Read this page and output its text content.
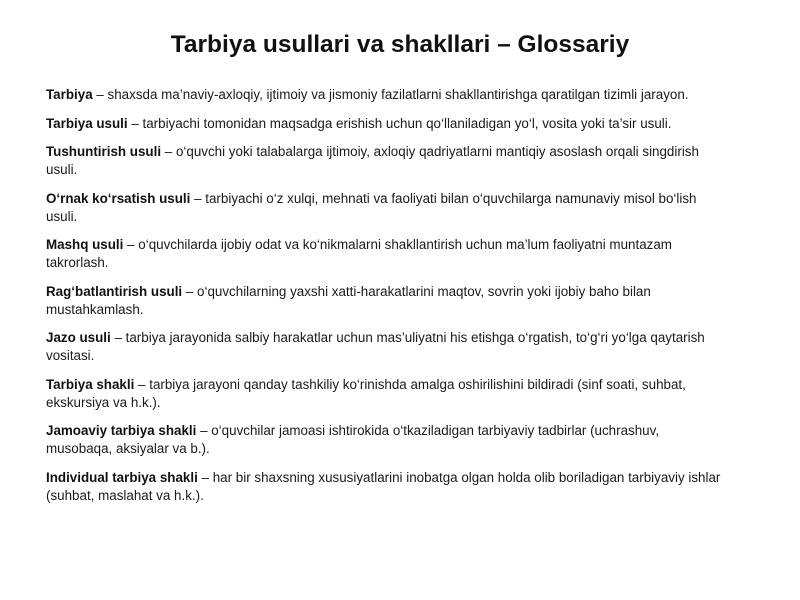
Tarbiya usullari va shakllari – Glossariy
Tarbiya – shaxsda ma’naviy-axloqiy, ijtimoiy va jismoniy fazilatlarni shakllantirishga qaratilgan tizimli jarayon.
Tarbiya usuli – tarbiyachi tomonidan maqsadga erishish uchun qo‘llaniladigan yo‘l, vosita yoki ta’sir usuli.
Tushuntirish usuli – o‘quvchi yoki talabalarga ijtimoiy, axloqiy qadriyatlarni mantiqiy asoslash orqali singdirish usuli.
O‘rnak ko‘rsatish usuli – tarbiyachi o‘z xulqi, mehnati va faoliyati bilan o‘quvchilarga namunaviy misol bo‘lish usuli.
Mashq usuli – o‘quvchilarda ijobiy odat va ko‘nikmalarni shakllantirish uchun ma’lum faoliyatni muntazam takrorlash.
Rag‘batlantirish usuli – o‘quvchilarning yaxshi xatti-harakatlarini maqtov, sovrin yoki ijobiy baho bilan mustahkamlash.
Jazo usuli – tarbiya jarayonida salbiy harakatlar uchun mas’uliyatni his etishga o‘rgatish, to‘g‘ri yo‘lga qaytarish vositasi.
Tarbiya shakli – tarbiya jarayoni qanday tashkiliy ko‘rinishda amalga oshirilishini bildiradi (sinf soati, suhbat, ekskursiya va h.k.).
Jamoaviy tarbiya shakli – o‘quvchilar jamoasi ishtirokida o‘tkaziladigan tarbiyaviy tadbirlar (uchrashuv, musobaqa, aksiyalar va b.).
Individual tarbiya shakli – har bir shaxsning xususiyatlarini inobatga olgan holda olib boriladigan tarbiyaviy ishlar (suhbat, maslahat va h.k.).
